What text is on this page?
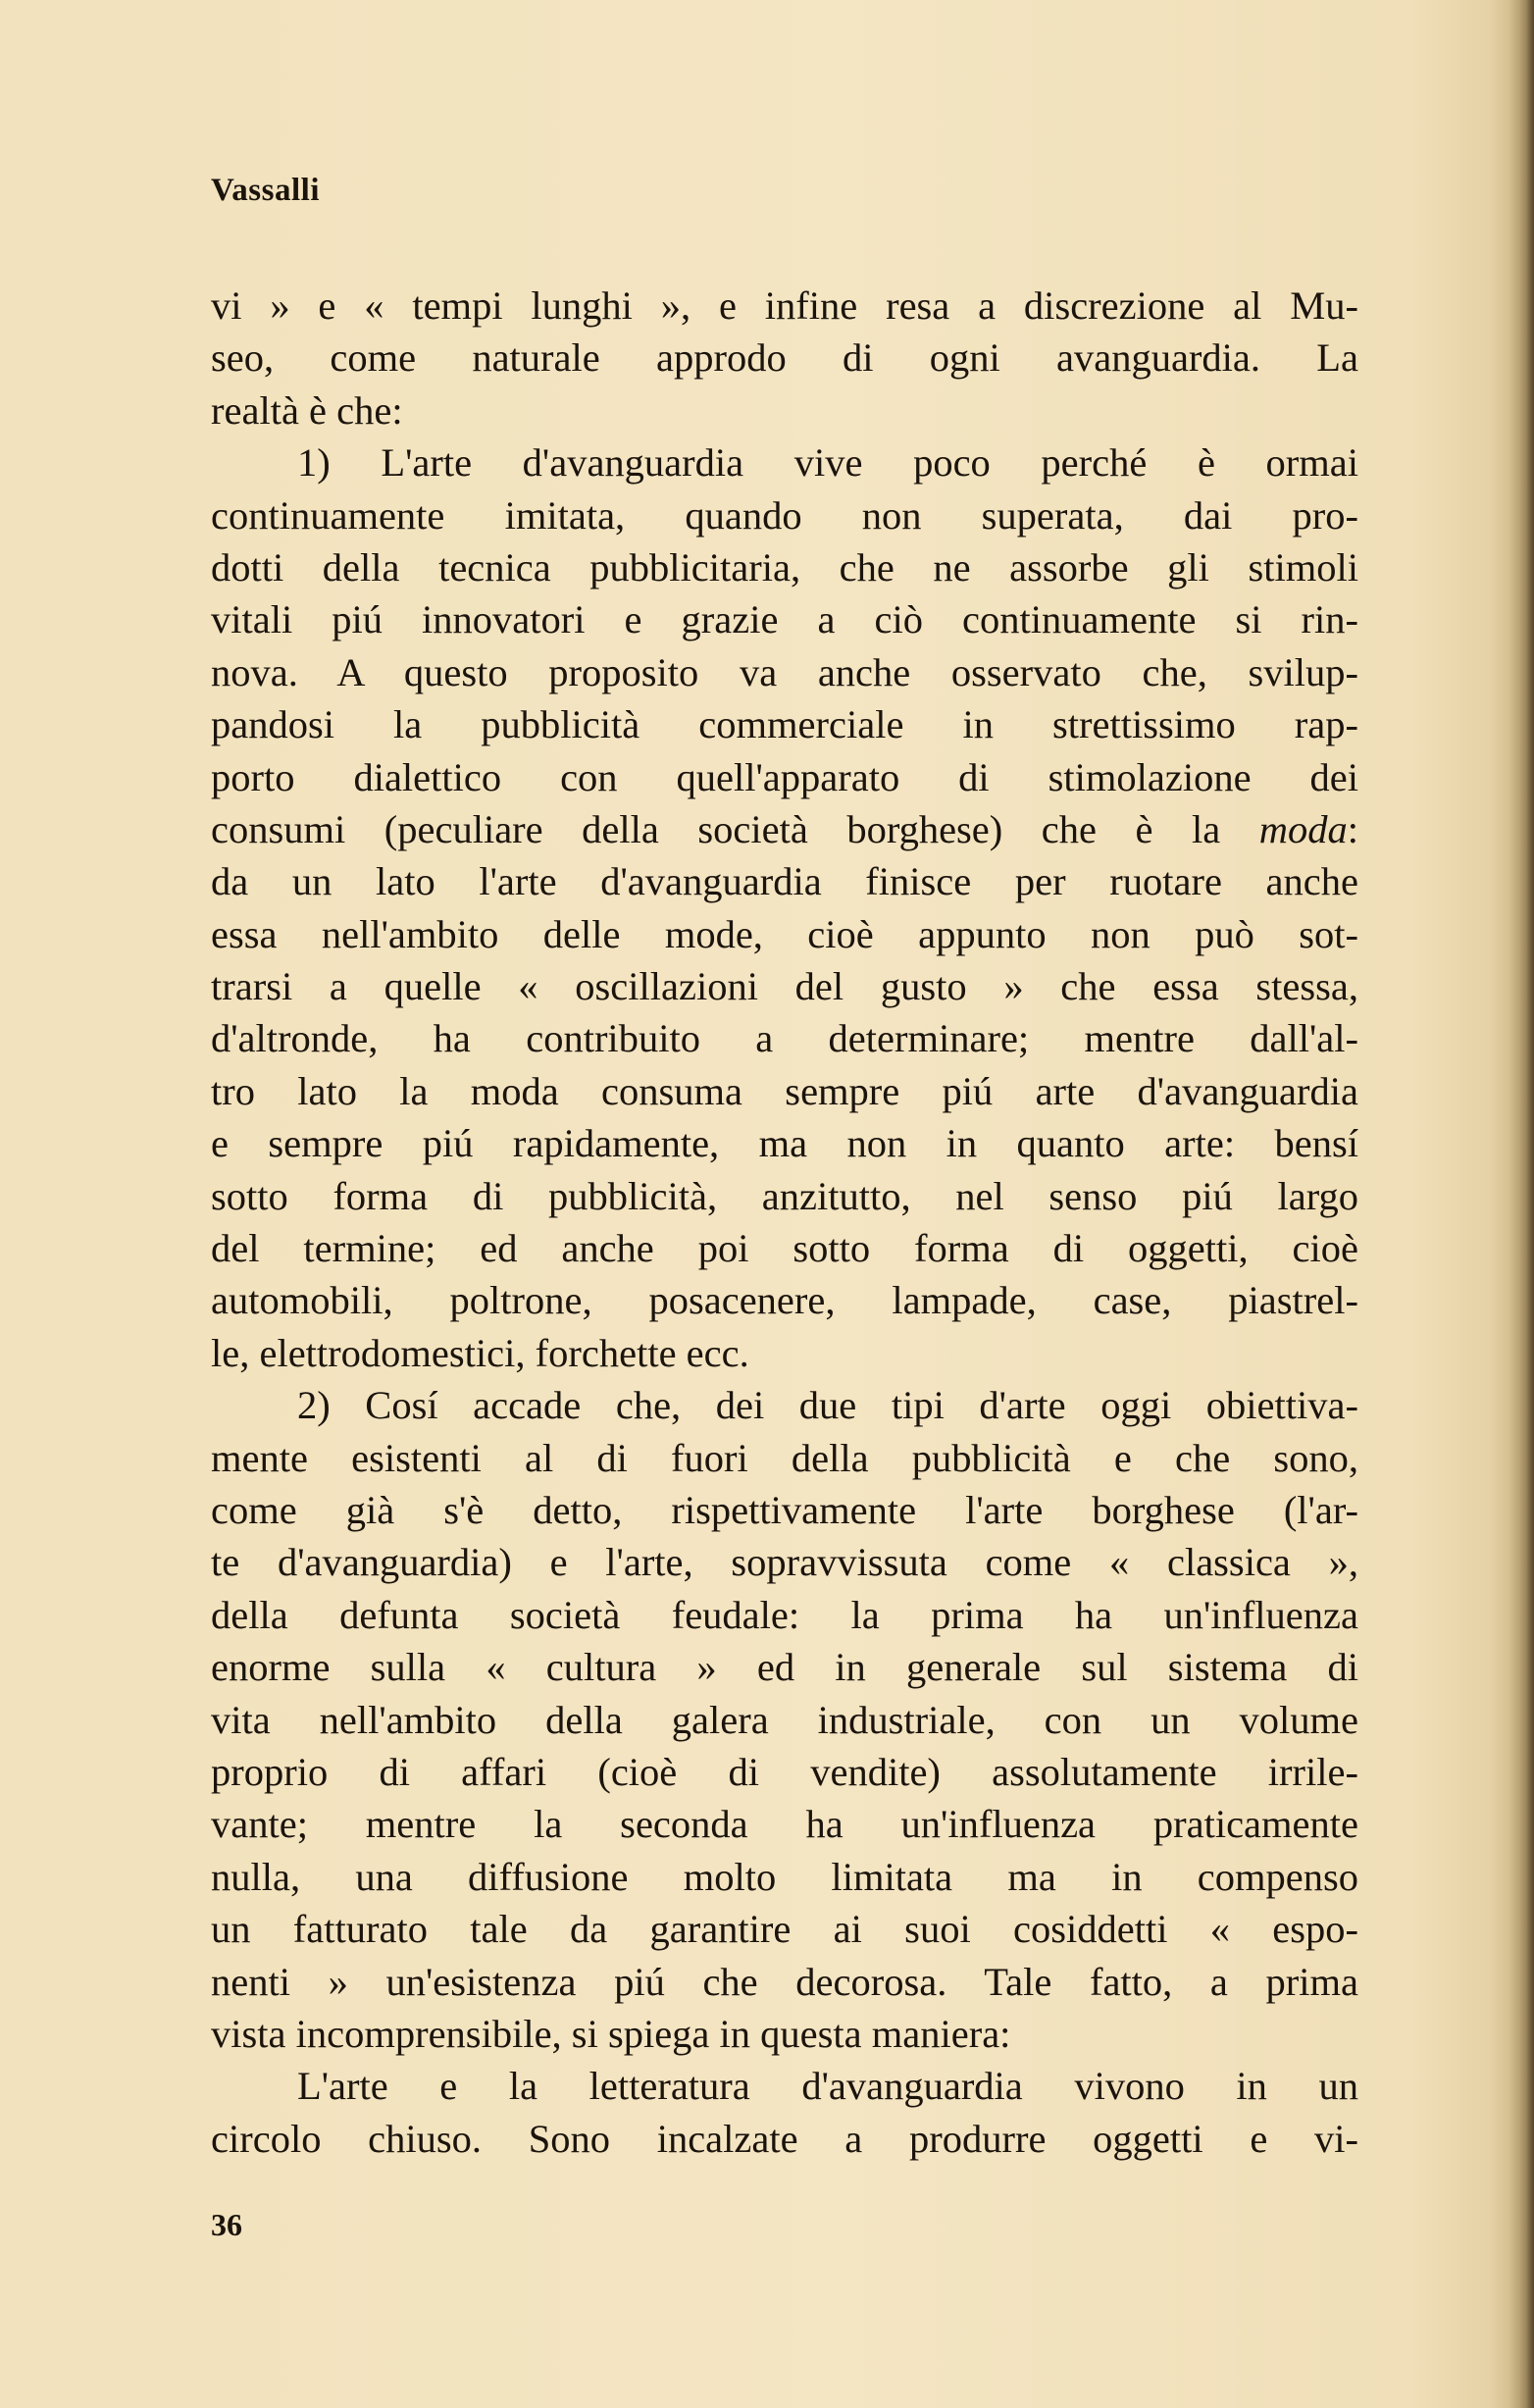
Vassalli
vi » e « tempi lunghi », e infine resa a discrezione al Mu-
seo, come naturale approdo di ogni avanguardia. La
realtà è che:
1) L'arte d'avanguardia vive poco perché è ormai
continuamente imitata, quando non superata, dai pro-
dotti della tecnica pubblicitaria, che ne assorbe gli stimoli
vitali piú innovatori e grazie a ciò continuamente si rin-
nova. A questo proposito va anche osservato che, svilup-
pandosi la pubblicità commerciale in strettissimo rap-
porto dialettico con quell'apparato di stimolazione dei
consumi (peculiare della società borghese) che è la moda:
da un lato l'arte d'avanguardia finisce per ruotare anche
essa nell'ambito delle mode, cioè appunto non può sot-
trarsi a quelle « oscillazioni del gusto » che essa stessa,
d'altronde, ha contribuito a determinare; mentre dall'al-
tro lato la moda consuma sempre piú arte d'avanguardia
e sempre piú rapidamente, ma non in quanto arte: bensí
sotto forma di pubblicità, anzitutto, nel senso piú largo
del termine; ed anche poi sotto forma di oggetti, cioè
automobili, poltrone, posacenere, lampade, case, piastrel-
le, elettrodomestici, forchette ecc.
2) Cosí accade che, dei due tipi d'arte oggi obiettiva-
mente esistenti al di fuori della pubblicità e che sono,
come già s'è detto, rispettivamente l'arte borghese (l'ar-
te d'avanguardia) e l'arte, sopravvissuta come « classica »,
della defunta società feudale: la prima ha un'influenza
enorme sulla « cultura » ed in generale sul sistema di
vita nell'ambito della galera industriale, con un volume
proprio di affari (cioè di vendite) assolutamente irrile-
vante; mentre la seconda ha un'influenza praticamente
nulla, una diffusione molto limitata ma in compenso
un fatturato tale da garantire ai suoi cosiddetti « espo-
nenti » un'esistenza piú che decorosa. Tale fatto, a prima
vista incomprensibile, si spiega in questa maniera:
L'arte e la letteratura d'avanguardia vivono in un
circolo chiuso. Sono incalzate a produrre oggetti e vi-
36
